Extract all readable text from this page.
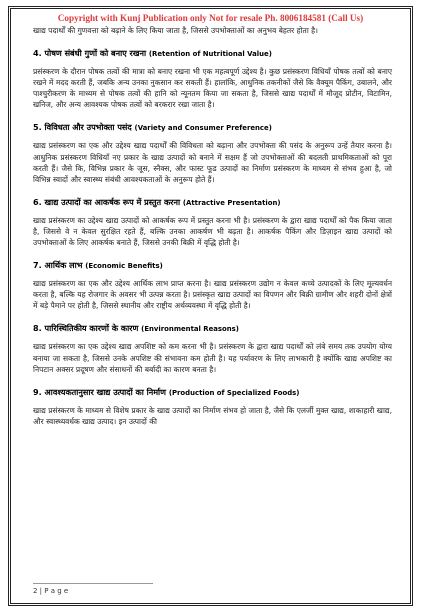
Copyright with Kunj Publication only Not for resale Ph. 8006184581 (Call Us)

खाद्य पदार्थों की गुणवत्ता को बढ़ाने के लिए किया जाता है, जिससे उपभोक्ताओं का अनुभव बेहतर होता है।

4. पोषण संबंधी गुणों को बनाए रखना (Retention of Nutritional Value)

प्रसंस्करण के दौरान पोषक तत्वों की मात्रा को बनाए रखना भी एक महत्वपूर्ण उद्देश्य है। कुछ प्रसंस्करण विधियाँ पोषक तत्वों को बनाए रखने में मदद करती हैं, जबकि अन्य उनका नुकसान कर सकती हैं। हालांकि, आधुनिक तकनीकों जैसे कि वैक्यूम पैकिंग, उबालने, और पाश्चुरीकरण के माध्यम से पोषक तत्वों की हानि को न्यूनतम किया जा सकता है, जिससे खाद्य पदार्थों में मौजूद प्रोटीन, विटामिन, खनिज, और अन्य आवश्यक पोषक तत्वों को बरकरार रखा जाता है।

5. विविधता और उपभोक्ता पसंद (Variety and Consumer Preference)

खाद्य प्रसंस्करण का एक और उद्देश्य खाद्य पदार्थों की विविधता को बढ़ाना और उपभोक्ता की पसंद के अनुरूप उन्हें तैयार करना है। आधुनिक प्रसंस्करण विधियाँ नए प्रकार के खाद्य उत्पादों को बनाने में सक्षम हैं जो उपभोक्ताओं की बदलती प्राथमिकताओं को पूरा करती हैं। जैसे कि, विभिन्न प्रकार के जूस, स्नैक्स, और फास्ट फूड उत्पादों का निर्माण प्रसंस्करण के माध्यम से संभव हुआ है, जो विभिन्न स्वादों और स्वास्थ्य संबंधी आवश्यकताओं के अनुरूप होते हैं।

6. खाद्य उत्पादों का आकर्षक रूप में प्रस्तुत करना (Attractive Presentation)

खाद्य प्रसंस्करण का उद्देश्य खाद्य उत्पादों को आकर्षक रूप में प्रस्तुत करना भी है। प्रसंस्करण के द्वारा खाद्य पदार्थों को पैक किया जाता है, जिससे वे न केवल सुरक्षित रहते हैं, बल्कि उनका आकर्षण भी बढ़ता है। आकर्षक पैकिंग और डिज़ाइन खाद्य उत्पादों को उपभोक्ताओं के लिए आकर्षक बनाते हैं, जिससे उनकी बिक्री में वृद्धि होती है।

7. आर्थिक लाभ (Economic Benefits)

खाद्य प्रसंस्करण का एक और उद्देश्य आर्थिक लाभ प्राप्त करना है। खाद्य प्रसंस्करण उद्योग न केवल कच्चे उत्पादकों के लिए मूल्यवर्धन करता है, बल्कि यह रोजगार के अवसर भी उत्पन्न करता है। प्रसंस्कृत खाद्य उत्पादों का विपणन और बिक्री ग्रामीण और शहरी दोनों क्षेत्रों में बड़े पैमाने पर होती है, जिससे स्थानीय और राष्ट्रीय अर्थव्यवस्था में वृद्धि होती है।

8. पारिस्थितिकीय कारणों के कारण (Environmental Reasons)

खाद्य प्रसंस्करण का एक उद्देश्य खाद्य अपशिष्ट को कम करना भी है। प्रसंस्करण के द्वारा खाद्य पदार्थों को लंबे समय तक उपयोग योग्य बनाया जा सकता है, जिससे उनके अपशिष्ट की संभावना कम होती है। यह पर्यावरण के लिए लाभकारी है क्योंकि खाद्य अपशिष्ट का निपटान अक्सर प्रदूषण और संसाधनों की बर्बादी का कारण बनता है।

9. आवश्यकतानुसार खाद्य उत्पादों का निर्माण (Production of Specialized Foods)

खाद्य प्रसंस्करण के माध्यम से विशेष प्रकार के खाद्य उत्पादों का निर्माण संभव हो जाता है, जैसे कि एलर्जी मुक्त खाद्य, शाकाहारी खाद्य, और स्वास्थ्यवर्धक खाद्य उत्पाद। इन उत्पादों की

2 | P a g e
